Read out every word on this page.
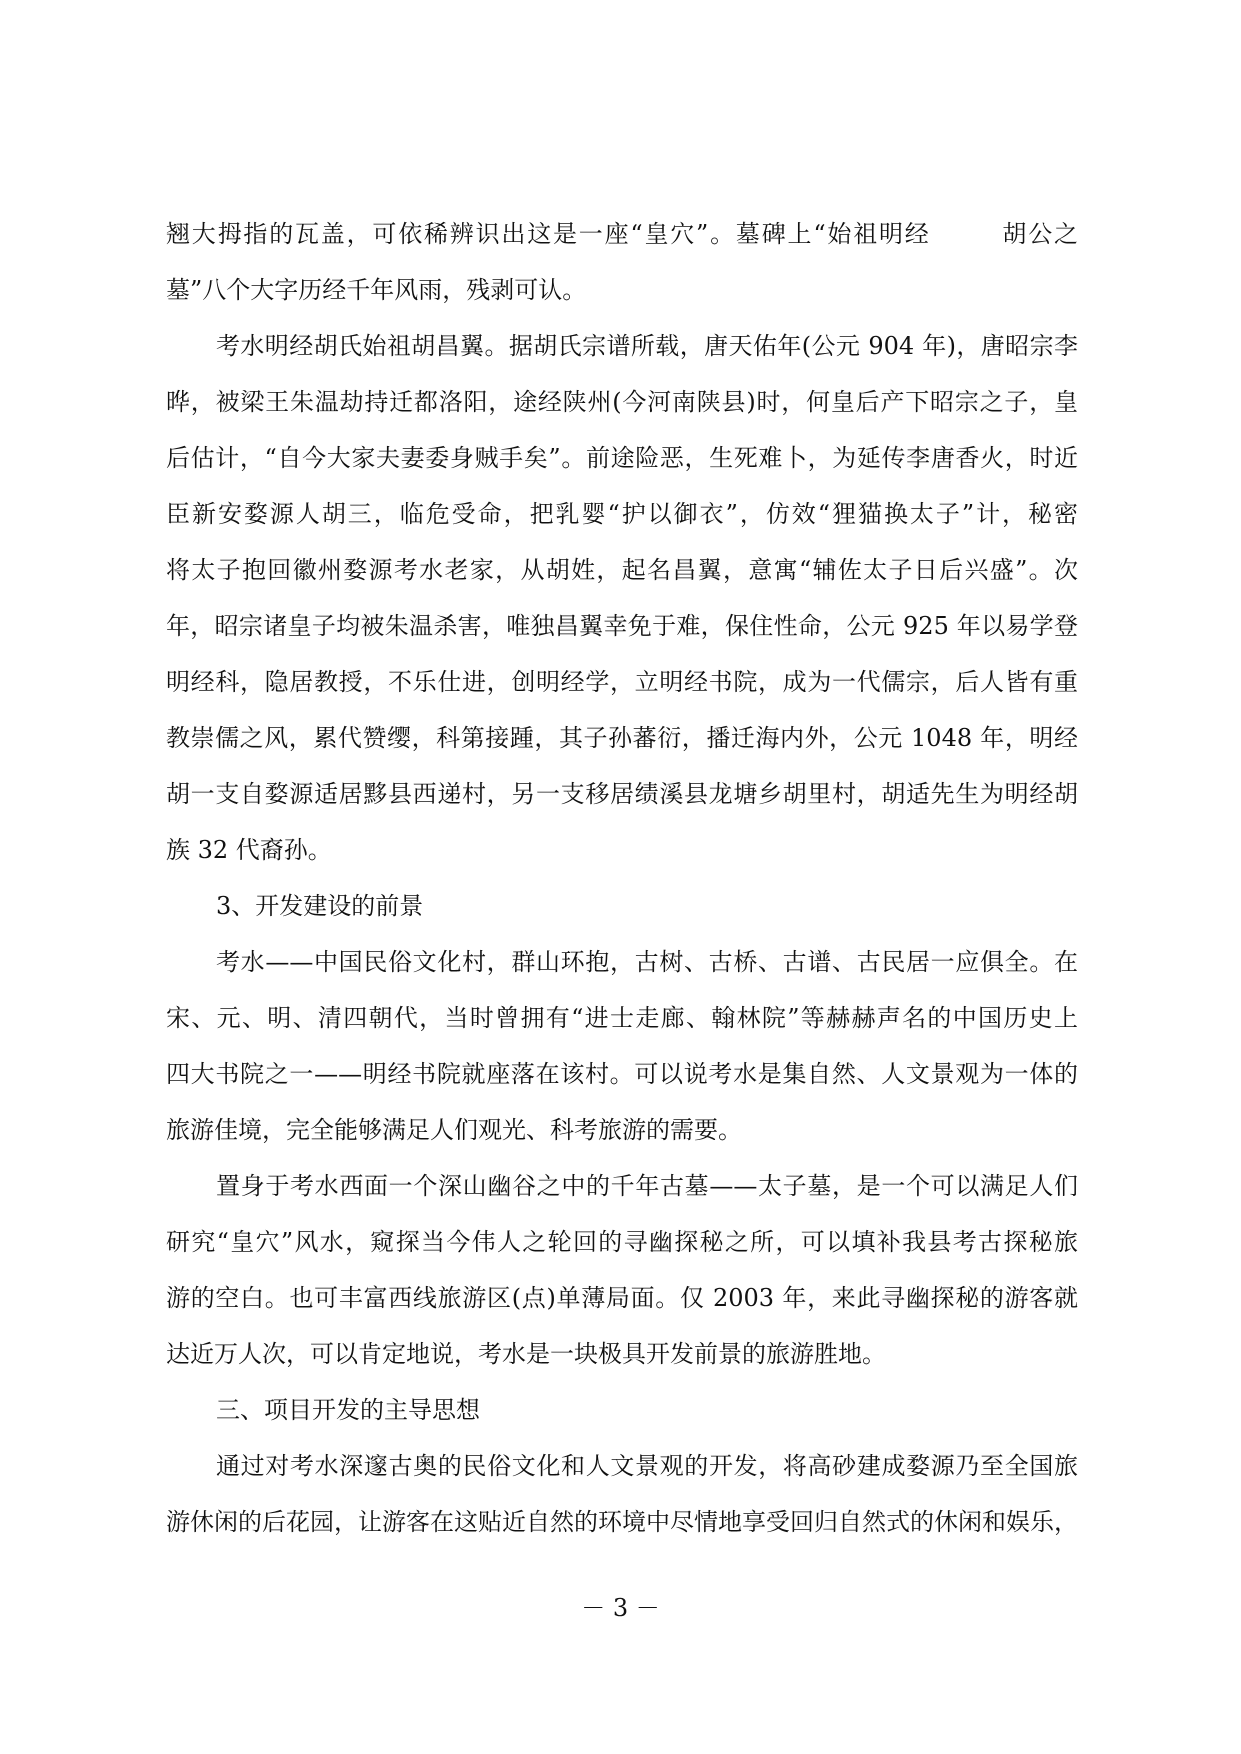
翘大拇指的瓦盖，可依稀辨识出这是一座“皇穴”。墓碑上“始祖明经	胡公之
墓”八个大字历经千年风雨，残剥可认。
考水明经胡氏始祖胡昌翼。据胡氏宗谱所载，唐天佑年(公元 904 年)，唐昭宗李
晔，被梁王朱温劫持迁都洛阳，途经陕州(今河南陕县)时，何皇后产下昭宗之子，皇
后估计，“自今大家夫妻委身贼手矣”。前途险恶，生死难卜，为延传李唐香火，时近
臣新安婺源人胡三，临危受命，把乳婴“护以御衣”，仿效“狸猫换太子”计，秘密
将太子抱回徽州婺源考水老家，从胡姓，起名昌翼，意寓“辅佐太子日后兴盛”。次
年，昭宗诸皇子均被朱温杀害，唯独昌翼幸免于难，保住性命，公元 925 年以易学登
明经科，隐居教授，不乐仕进，创明经学，立明经书院，成为一代儒宗，后人皆有重
教崇儒之风，累代赞缨，科第接踵，其子孙蕃衍，播迁海内外，公元 1048 年，明经
胡一支自婺源适居黟县西递村，另一支移居绩溪县龙塘乡胡里村，胡适先生为明经胡
族 32 代裔孙。
3、开发建设的前景
考水——中国民俗文化村，群山环抱，古树、古桥、古谱、古民居一应俱全。在
宋、元、明、清四朝代，当时曾拥有“进士走廊、翰林院”等赫赫声名的中国历史上
四大书院之一——明经书院就座落在该村。可以说考水是集自然、人文景观为一体的
旅游佳境，完全能够满足人们观光、科考旅游的需要。
置身于考水西面一个深山幽谷之中的千年古墓——太子墓，是一个可以满足人们
研究“皇穴”风水，窥探当今伟人之轮回的寻幽探秘之所，可以填补我县考古探秘旅
游的空白。也可丰富西线旅游区(点)单薄局面。仅 2003 年，来此寻幽探秘的游客就
达近万人次，可以肯定地说，考水是一块极具开发前景的旅游胜地。
三、项目开发的主导思想
通过对考水深邃古奥的民俗文化和人文景观的开发，将高砂建成婺源乃至全国旅
游休闲的后花园，让游客在这贴近自然的环境中尽情地享受回归自然式的休闲和娱乐，
－ 3 －
